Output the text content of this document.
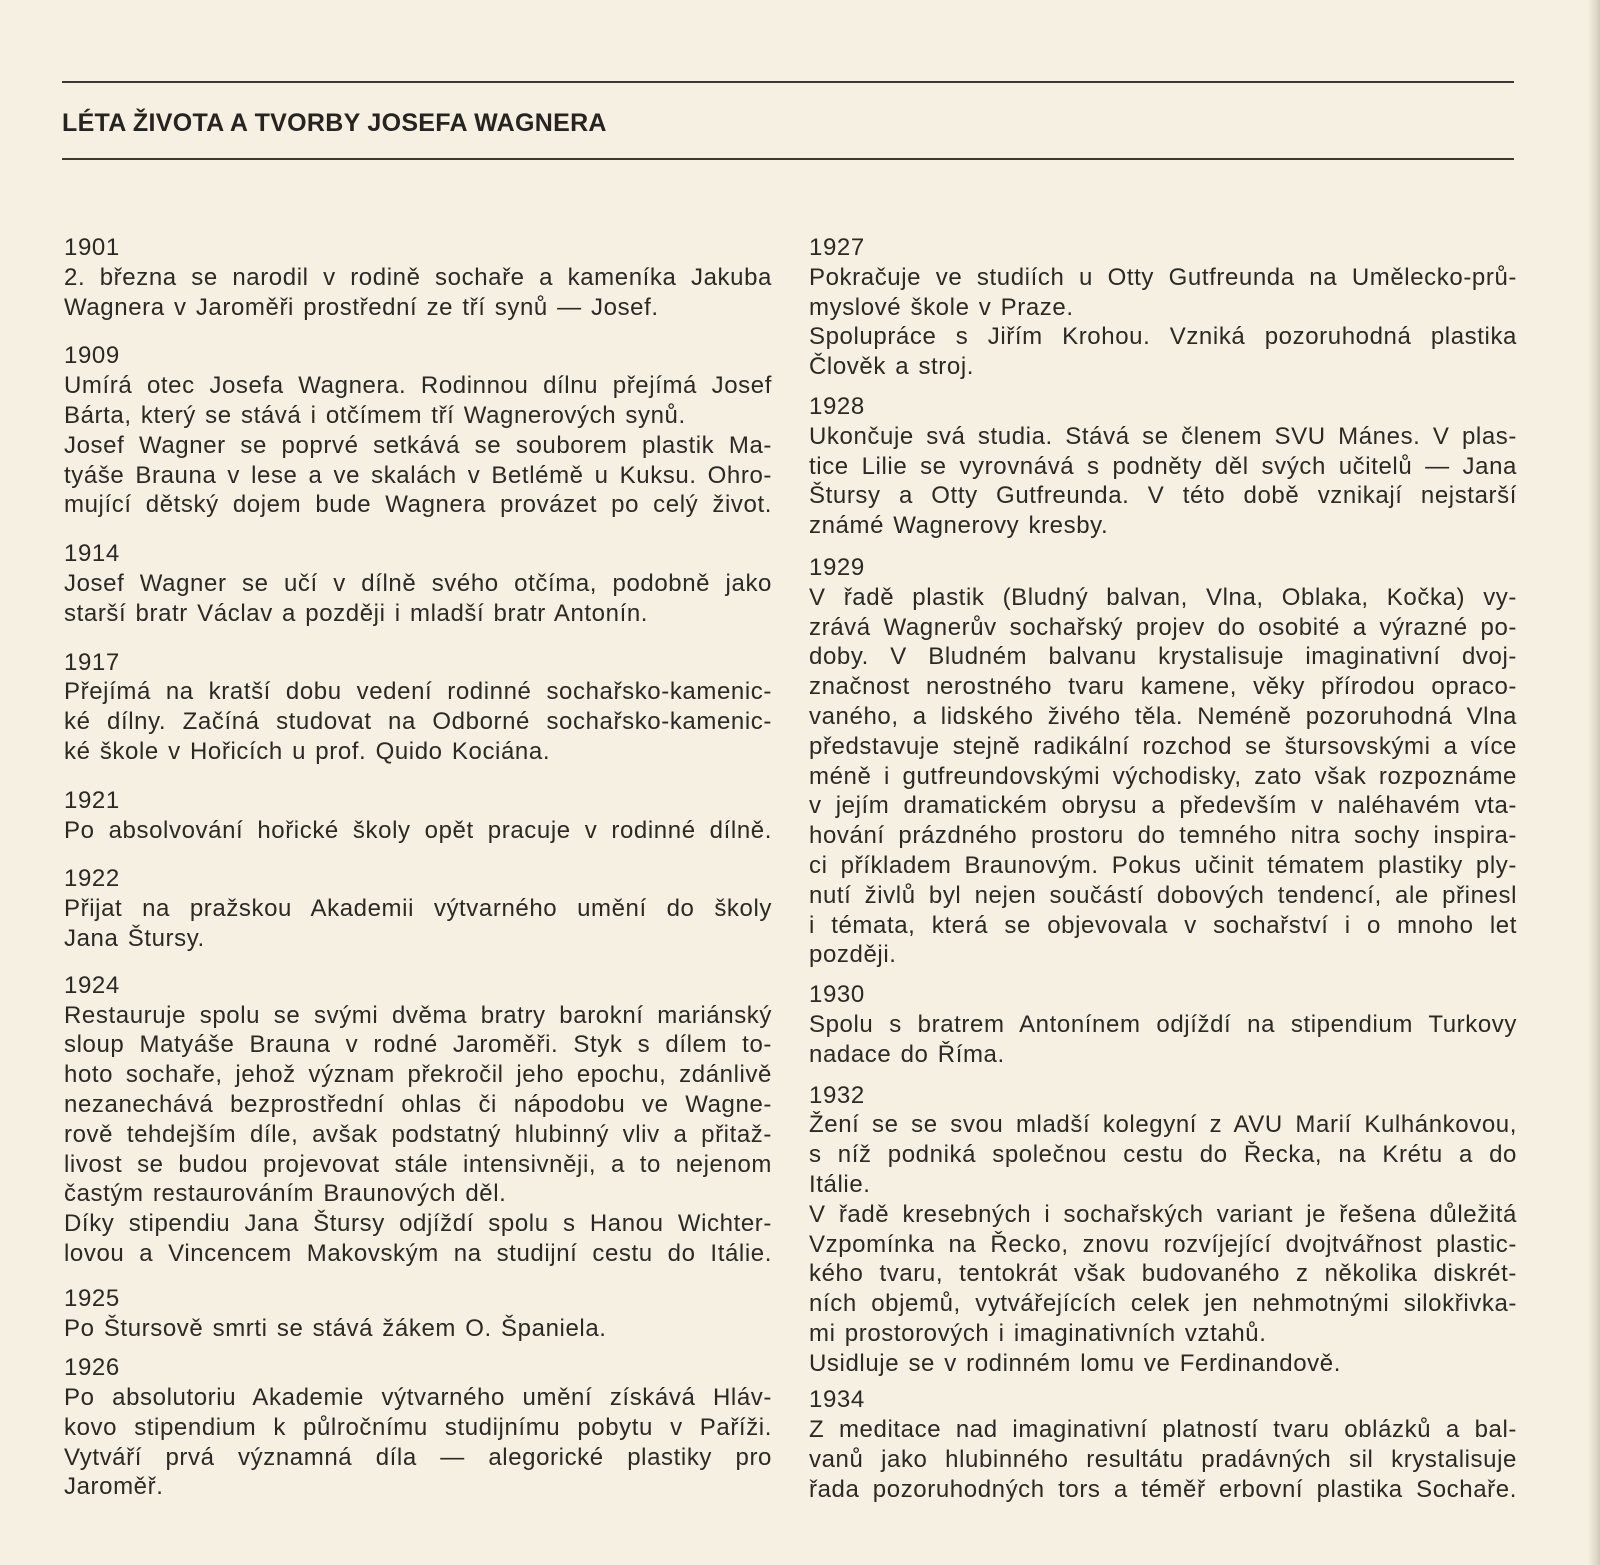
LÉTA ŽIVOTA A TVORBY JOSEFA WAGNERA
1901
2. března se narodil v rodině sochaře a kameníka Jakuba
Wagnera v Jaroměři prostřední ze tří synů — Josef.
1909
Umírá otec Josefa Wagnera. Rodinnou dílnu přejímá Josef
Bárta, který se stává i otčímem tří Wagnerových synů.
Josef Wagner se poprvé setkává se souborem plastik Ma-
tyáše Brauna v lese a ve skalách v Betlémě u Kuksu. Ohro-
mující dětský dojem bude Wagnera provázet po celý život.
1914
Josef Wagner se učí v dílně svého otčíma, podobně jako
starší bratr Václav a později i mladší bratr Antonín.
1917
Přejímá na kratší dobu vedení rodinné sochařsko-kamenic-
ké dílny. Začíná studovat na Odborné sochařsko-kamenic-
ké škole v Hořicích u prof. Quido Kociána.
1921
Po absolvování hořické školy opět pracuje v rodinné dílně.
1922
Přijat na pražskou Akademii výtvarného umění do školy
Jana Štursy.
1924
Restauruje spolu se svými dvěma bratry barokní mariánský
sloup Matyáše Brauna v rodné Jaroměři. Styk s dílem to-
hoto sochaře, jehož význam překročil jeho epochu, zdánlivě
nezanechává bezprostřední ohlas či nápodobu ve Wagne-
rově tehdejším díle, avšak podstatný hlubinný vliv a přitaž-
livost se budou projevovat stále intensivněji, a to nejenom
častým restaurováním Braunových děl.
Díky stipendiu Jana Štursy odjíždí spolu s Hanou Wichter-
lovou a Vincencem Makovským na studijní cestu do Itálie.
1925
Po Štursově smrti se stává žákem O. Španiela.
1926
Po absolutoriu Akademie výtvarného umění získává Hláv-
kovo stipendium k půlročnímu studijnímu pobytu v Paříži.
Vytváří prvá významná díla — alegorické plastiky pro
Jaroměř.
1927
Pokračuje ve studiích u Otty Gutfreunda na Umělecko-prů-
myslové škole v Praze.
Spolupráce s Jiřím Krohou. Vzniká pozoruhodná plastika
Člověk a stroj.
1928
Ukončuje svá studia. Stává se členem SVU Mánes. V plas-
tice Lilie se vyrovnává s podněty děl svých učitelů — Jana
Štursy a Otty Gutfreunda. V této době vznikají nejstarší
známé Wagnerovy kresby.
1929
V řadě plastik (Bludný balvan, Vlna, Oblaka, Kočka) vy-
zrává Wagnerův sochařský projev do osobité a výrazné po-
doby. V Bludném balvanu krystalisuje imaginativní dvoj-
značnost nerostného tvaru kamene, věky přírodou opraco-
vaného, a lidského živého těla. Neméně pozoruhodná Vlna
představuje stejně radikální rozchod se štursovskými a více
méně i gutfreundovskými východisky, zato však rozpoznáme
v jejím dramatickém obrysu a především v naléhavém vta-
hování prázdného prostoru do temného nitra sochy inspira-
ci příkladem Braunovým. Pokus učinit tématem plastiky ply-
nutí živlů byl nejen součástí dobových tendencí, ale přinesl
i témata, která se objevovala v sochařství i o mnoho let
později.
1930
Spolu s bratrem Antonínem odjíždí na stipendium Turkovy
nadace do Říma.
1932
Žení se se svou mladší kolegyní z AVU Marií Kulhánkovou,
s níž podniká společnou cestu do Řecka, na Krétu a do
Itálie.
V řadě kresebných i sochařských variant je řešena důležitá
Vzpomínka na Řecko, znovu rozvíjející dvojtvářnost plastic-
kého tvaru, tentokrát však budovaného z několika diskrét-
ních objemů, vytvářejících celek jen nehmotnými silokřivka-
mi prostorových i imaginativních vztahů.
Usidluje se v rodinném lomu ve Ferdinandově.
1934
Z meditace nad imaginativní platností tvaru oblázků a bal-
vanů jako hlubinného resultátu pradávných sil krystalisuje
řada pozoruhodných tors a téměř erbovní plastika Sochaře.
